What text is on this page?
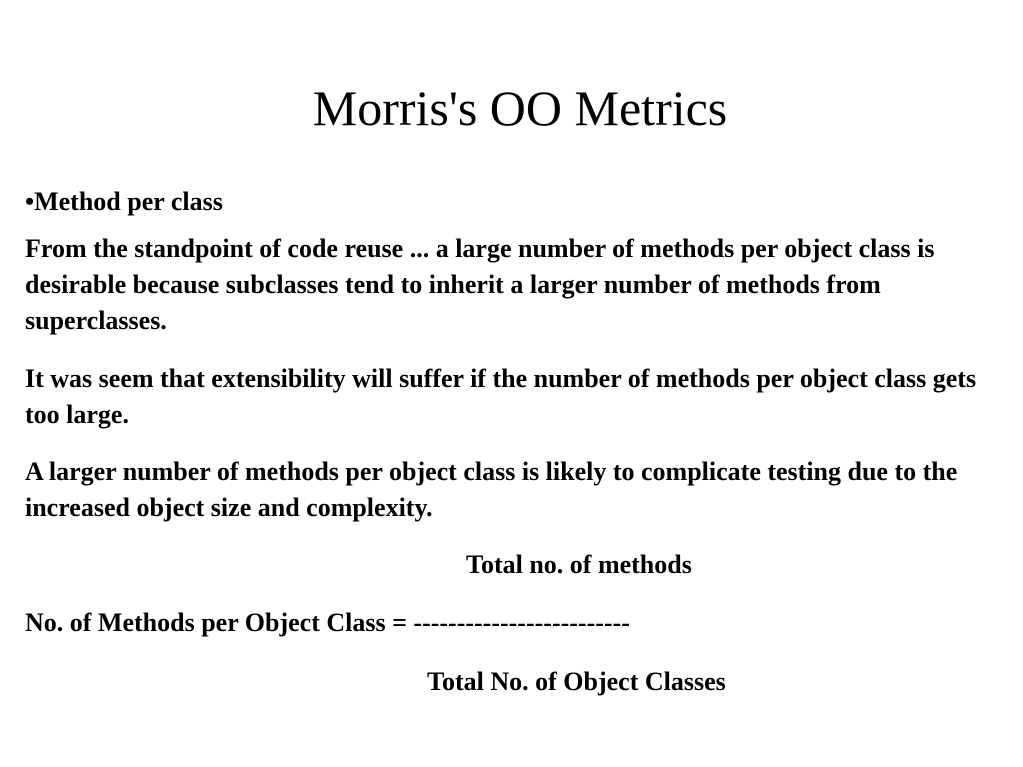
Morris's OO Metrics
•Method per class

From the standpoint of code reuse ... a large number of methods per object class is desirable because subclasses tend to inherit a larger number of methods from superclasses.

It was seem that extensibility will suffer if the number of methods per object class gets too large.

A larger number of methods per object class is likely to complicate testing due to the increased object size and complexity.

Total no. of methods

No. of Methods per Object Class = -------------------------

Total No. of Object Classes
